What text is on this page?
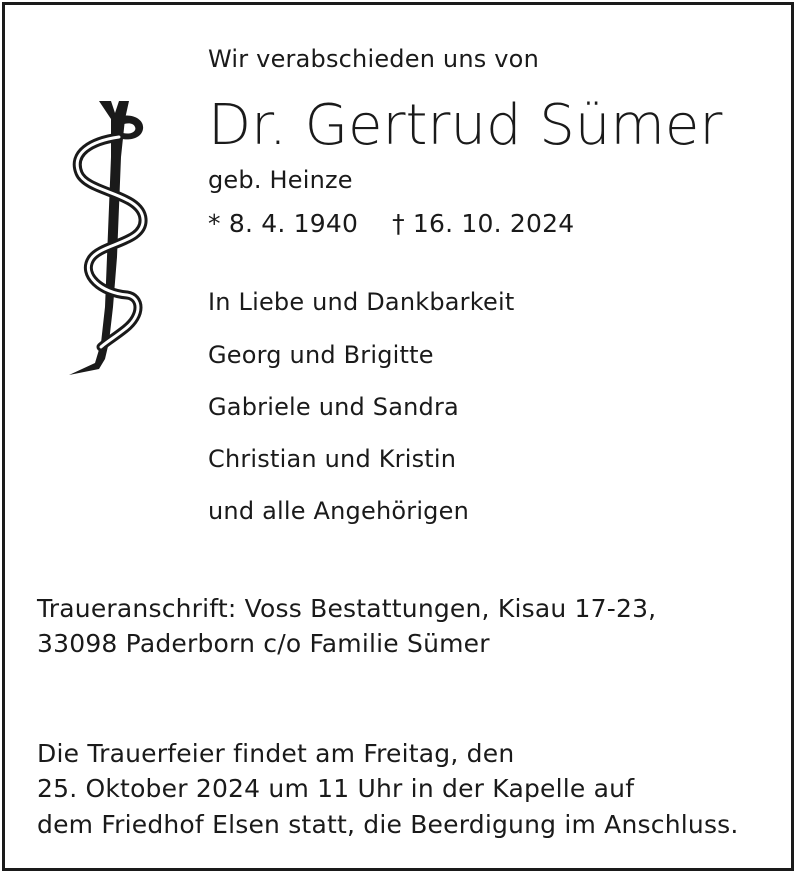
Wir verabschieden uns von
Dr. Gertrud Sümer
geb. Heinze
* 8. 4. 1940 † 16. 10. 2024
In Liebe und Dankbarkeit
Georg und Brigitte
Gabriele und Sandra
Christian und Kristin
und alle Angehörigen
Traueranschrift: Voss Bestattungen, Kisau 17-23,
33098 Paderborn c/o Familie Sümer
Die Trauerfeier findet am Freitag, den
25. Oktober 2024 um 11 Uhr in der Kapelle auf
dem Friedhof Elsen statt, die Beerdigung im Anschluss.
